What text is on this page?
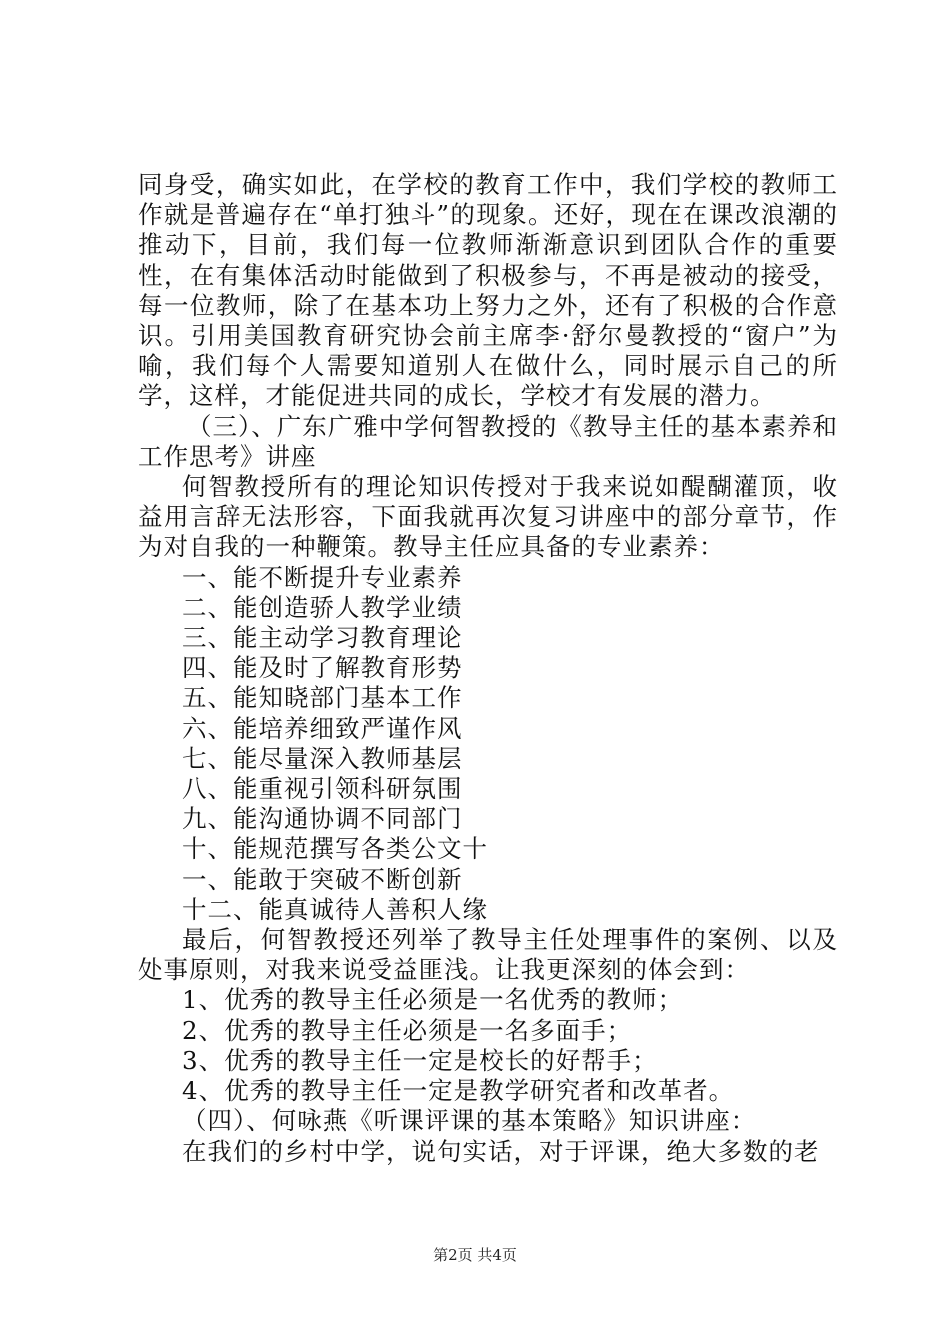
同身受，确实如此，在学校的教育工作中，我们学校的教师工作就是普遍存在“单打独斗”的现象。还好，现在在课改浪潮的推动下，目前，我们每一位教师渐渐意识到团队合作的重要性，在有集体活动时能做到了积极参与，不再是被动的接受，每一位教师，除了在基本功上努力之外，还有了积极的合作意识。引用美国教育研究协会前主席李·舒尔曼教授的“窗户”为喻，我们每个人需要知道别人在做什么，同时展示自己的所学，这样，才能促进共同的成长，学校才有发展的潜力。

（三）、广东广雅中学何智教授的《教导主任的基本素养和工作思考》讲座

何智教授所有的理论知识传授对于我来说如醍醐灌顶，收益用言辞无法形容，下面我就再次复习讲座中的部分章节，作为对自我的一种鞭策。教导主任应具备的专业素养：

一、能不断提升专业素养

二、能创造骄人教学业绩

三、能主动学习教育理论

四、能及时了解教育形势

五、能知晓部门基本工作

六、能培养细致严谨作风

七、能尽量深入教师基层

八、能重视引领科研氛围

九、能沟通协调不同部门

十、能规范撰写各类公文十

一、能敢于突破不断创新

十二、能真诚待人善积人缘

最后，何智教授还列举了教导主任处理事件的案例、以及处事原则，对我来说受益匪浅。让我更深刻的体会到：

1、优秀的教导主任必须是一名优秀的教师；

2、优秀的教导主任必须是一名多面手；

3、优秀的教导主任一定是校长的好帮手；

4、优秀的教导主任一定是教学研究者和改革者。

（四）、何咏燕《听课评课的基本策略》知识讲座：

在我们的乡村中学，说句实话，对于评课，绝大多数的老

第2页 共4页
